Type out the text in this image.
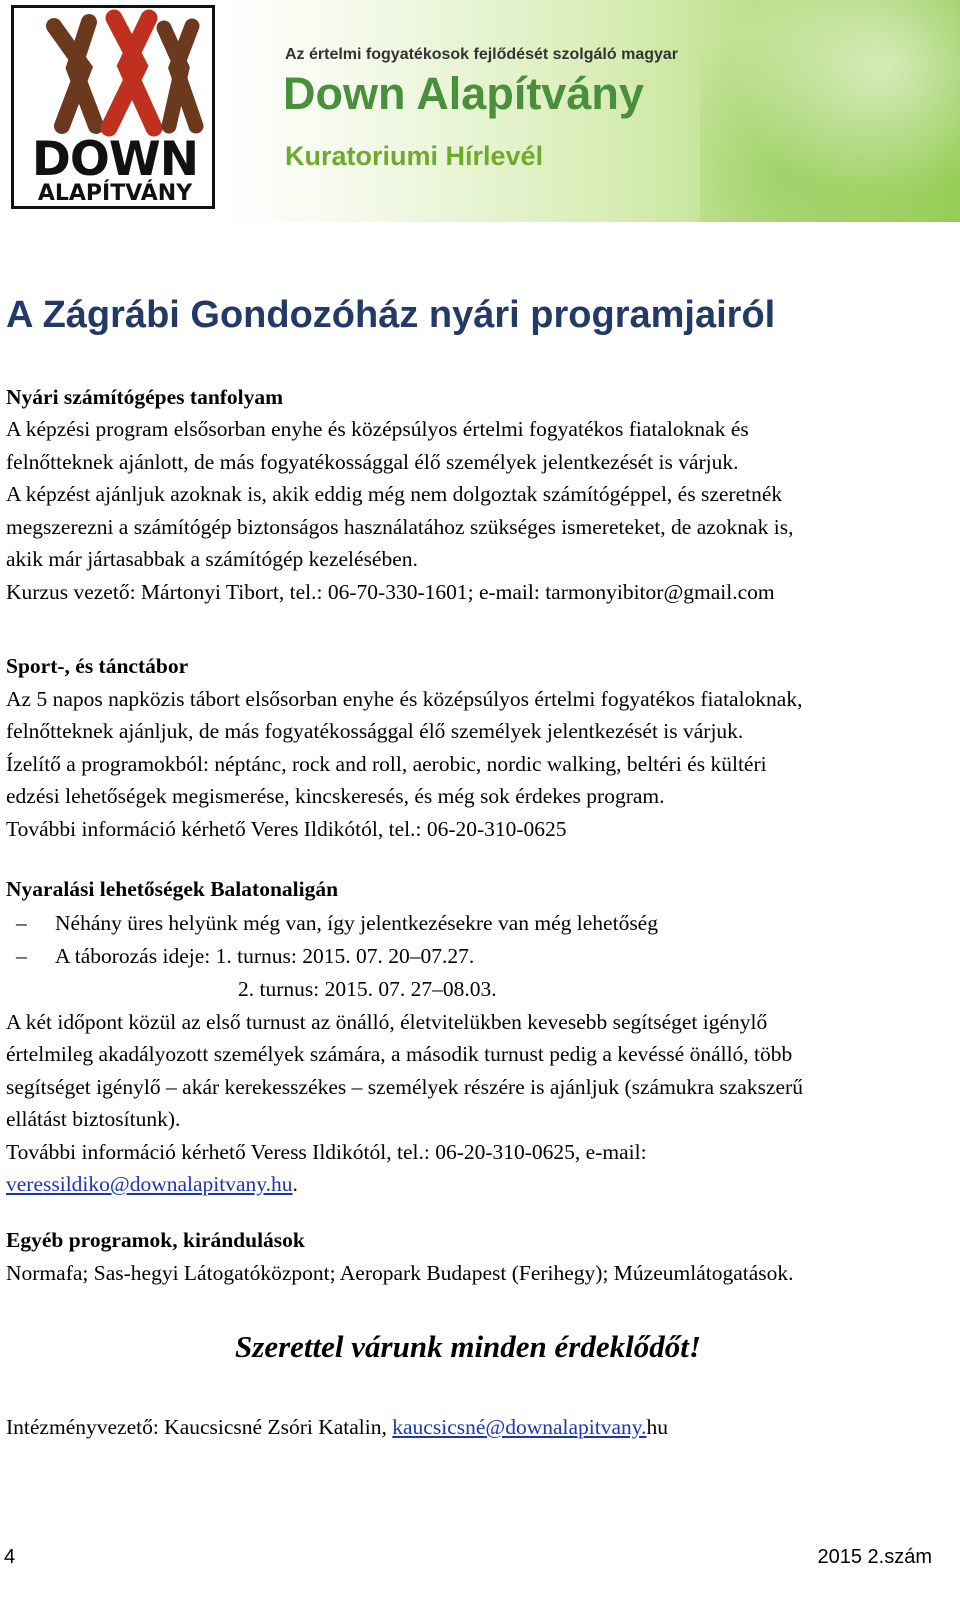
DOWN
ALAPÍTVÁNY
Az értelmi fogyatékosok fejlődését szolgáló magyar
Down Alapítvány
Kuratoriumi Hírlevél
A Zágrábi Gondozóház nyári programjairól
Nyári számítógépes tanfolyam
A képzési program elsősorban enyhe és középsúlyos értelmi fogyatékos fiataloknak és
felnőtteknek ajánlott, de más fogyatékossággal élő személyek jelentkezését is várjuk.
A képzést ajánljuk azoknak is, akik eddig még nem dolgoztak számítógéppel, és szeretnék
megszerezni a számítógép biztonságos használatához szükséges ismereteket, de azoknak is,
akik már jártasabbak a számítógép kezelésében.
Kurzus vezető: Mártonyi Tibort, tel.: 06-70-330-1601; e-mail: tarmonyibitor@gmail.com
Sport-, és tánctábor
Az 5 napos napközis tábort elsősorban enyhe és középsúlyos értelmi fogyatékos fiataloknak,
felnőtteknek ajánljuk, de más fogyatékossággal élő személyek jelentkezését is várjuk.
Ízelítő a programokból: néptánc, rock and roll, aerobic, nordic walking, beltéri és kültéri
edzési lehetőségek megismerése, kincskeresés, és még sok érdekes program.
További információ kérhető Veres Ildikótól, tel.: 06-20-310-0625
Nyaralási lehetőségek Balatonaligán
– Néhány üres helyünk még van, így jelentkezésekre van még lehetőség
– A táborozás ideje: 1. turnus: 2015. 07. 20–07.27.
2. turnus: 2015. 07. 27–08.03.
A két időpont közül az első turnust az önálló, életvitelükben kevesebb segítséget igénylő
értelmileg akadályozott személyek számára, a második turnust pedig a kevéssé önálló, több
segítséget igénylő – akár kerekesszékes – személyek részére is ajánljuk (számukra szakszerű
ellátást biztosítunk).
További információ kérhető Veress Ildikótól, tel.: 06-20-310-0625, e-mail:
veressildiko@downalapitvany.hu.
Egyéb programok, kirándulások
Normafa; Sas-hegyi Látogatóközpont; Aeropark Budapest (Ferihegy); Múzeumlátogatások.

Szerettel várunk minden érdeklődőt!

Intézményvezető: Kaucsicsné Zsóri Katalin, kaucsicsné@downalapitvany.hu
4	2015 2.szám
